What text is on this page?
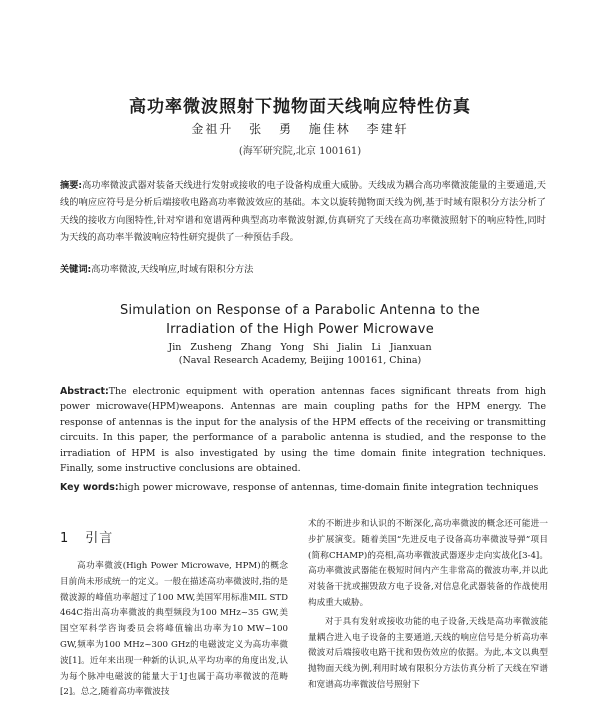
高功率微波照射下抛物面天线响应特性仿真
金祖升 张 勇 施佳林 李建轩
(海军研究院,北京 100161)
摘要:高功率微波武器对装备天线进行发射或接收的电子设备构成重大威胁。天线成为耦合高功率微波能量的主要通道,天线的响应应符号是分析后端接收电路高功率微波效应的基础。本文以旋转抛物面天线为例,基于时域有限积分方法分析了天线的接收方向图特性,针对窄谱和宽谱两种典型高功率微波射源,仿真研究了天线在高功率微波照射下的响应特性,同时为天线的高功率半微波响应特性研究提供了一种预估手段。
关键词:高功率微波,天线响应,时域有限积分方法
Simulation on Response of a Parabolic Antenna to the
Irradiation of the High Power Microwave
Jin Zusheng Zhang Yong Shi Jialin Li Jianxuan
(Naval Research Academy, Beijing 100161, China)
Abstract:The electronic equipment with operation antennas faces significant threats from high power microwave(HPM)weapons. Antennas are main coupling paths for the HPM energy. The response of antennas is the input for the analysis of the HPM effects of the receiving or transmitting circuits. In this paper, the performance of a parabolic antenna is studied, and the response to the irradiation of HPM is also investigated by using the time domain finite integration techniques. Finally, some instructive conclusions are obtained.
Key words:high power microwave, response of antennas, time-domain finite integration techniques
1 引言

高功率微波(High Power Microwave, HPM)的概念目前尚未形成统一的定义。一般在描述高功率微波时,指的是微波源的峰值功率超过了100 MW,美国军用标准MIL STD 464C指出高功率微波的典型频段为100 MHz~35 GW,美国空军科学咨询委员会将峰值输出功率为10 MW~100 GW,频率为100 MHz~300 GHz的电磁波定义为高功率微波[1]。近年来出现一种新的认识,从平均功率的角度出发,认为每个脉冲电磁波的能量大于1J也属于高功率微波的范畴[2]。总之,随着高功率微波技

术的不断进步和认识的不断深化,高功率微波的概念还可能进一步扩展演变。随着美国“先进反电子设备高功率微波导弹”项目(简称CHAMP)的亮相,高功率微波武器逐步走向实战化[3-4]。高功率微波武器能在极短时间内产生非常高的微波功率,并以此对装备干扰或摧毁敌方电子设备,对信息化武器装备的作战使用构成重大威胁。

对于具有发射或接收功能的电子设备,天线是高功率微波能量耦合进入电子设备的主要通道,天线的响应信号是分析高功率微波对后端接收电路干扰和毁伤效应的依据。为此,本文以典型抛物面天线为例,利用时域有限积分方法仿真分析了天线在窄谱和宽谱高功率微波信号照射下
